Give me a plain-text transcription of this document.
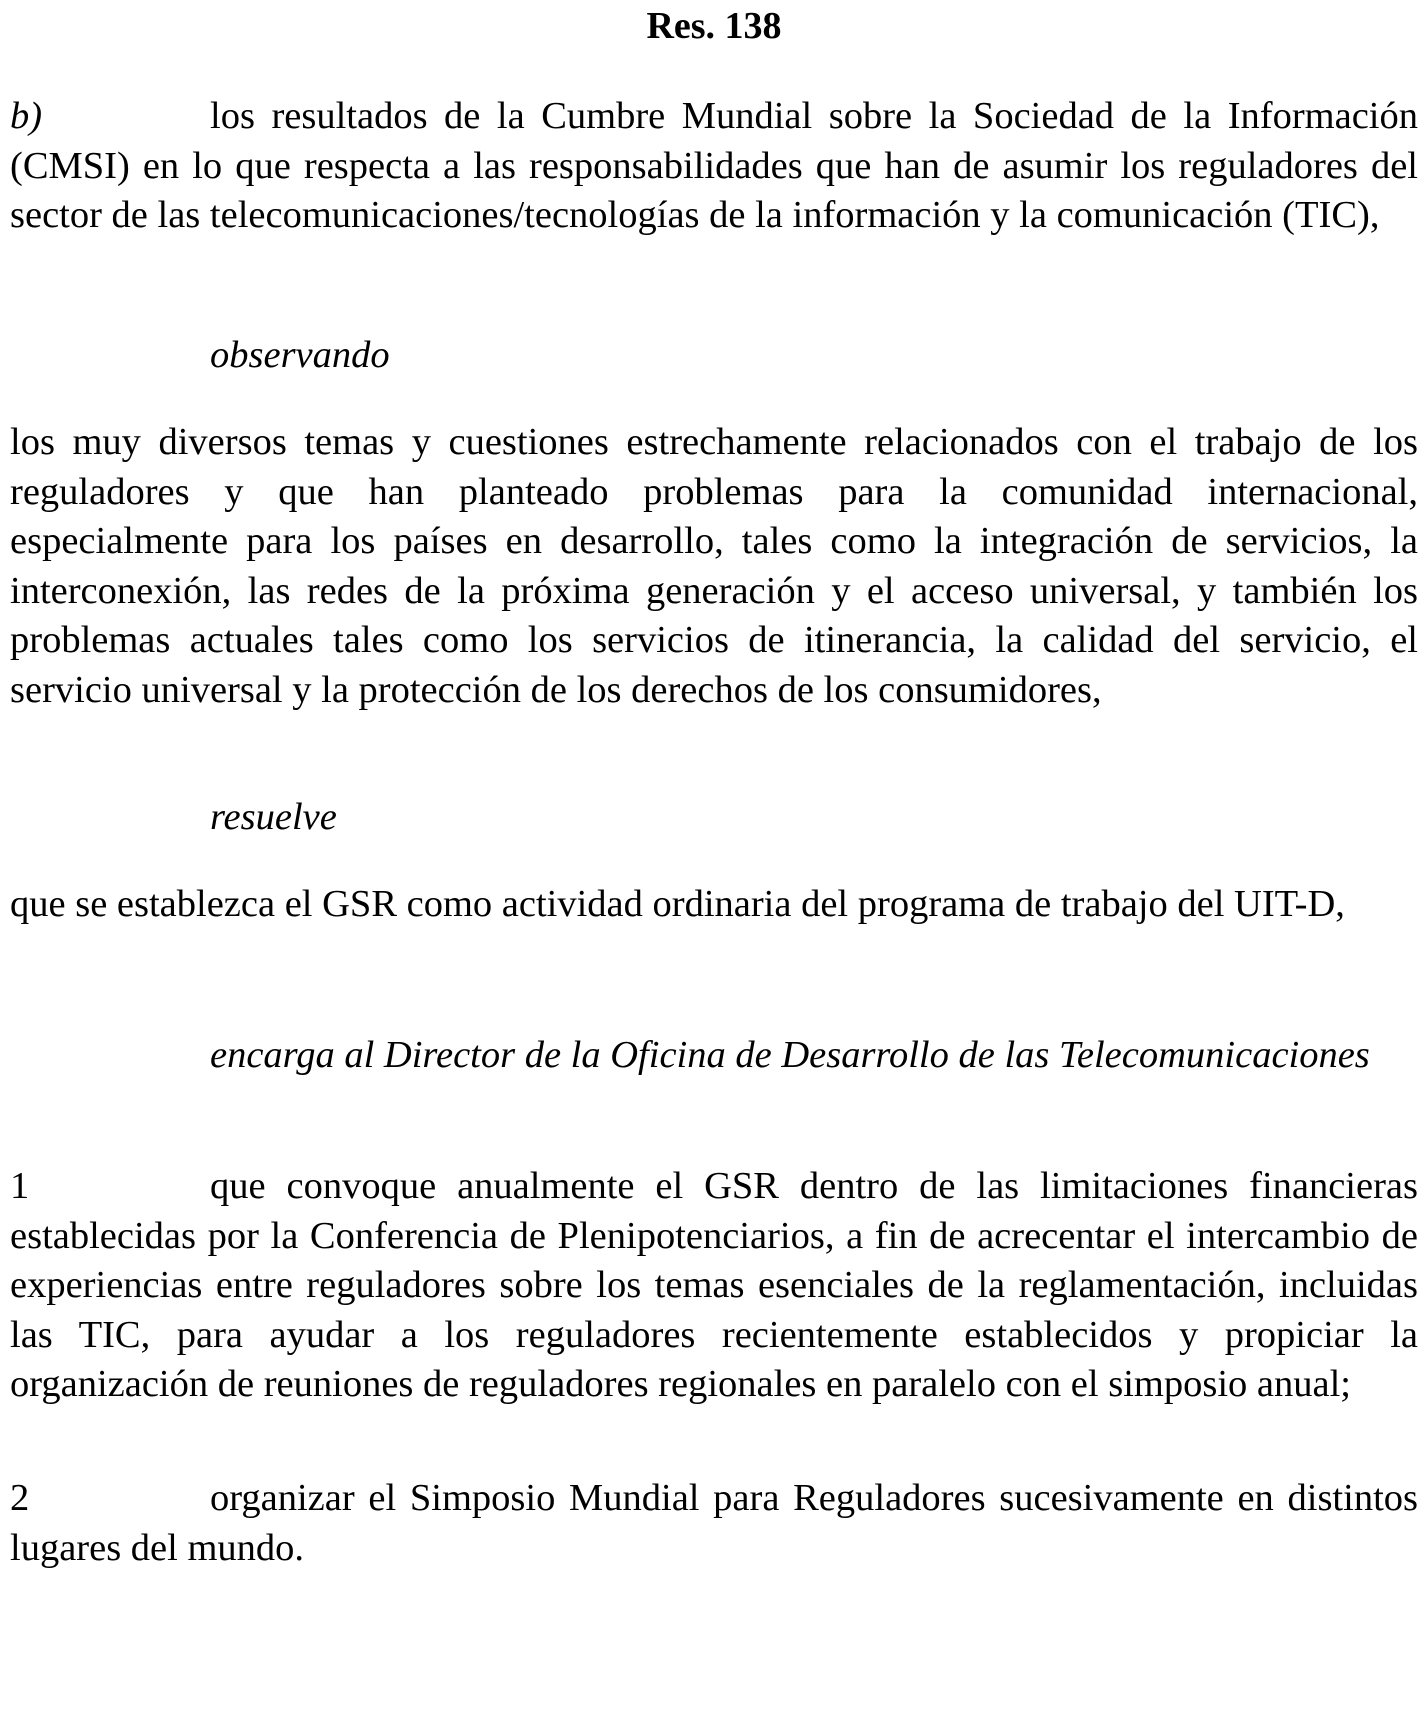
Res. 138

b)	los resultados de la Cumbre Mundial sobre la Sociedad de la Información (CMSI) en lo que respecta a las responsabilidades que han de asumir los reguladores del sector de las telecomunicaciones/tecnologías de la información y la comunicación (TIC),

observando

los muy diversos temas y cuestiones estrechamente relacionados con el trabajo de los reguladores y que han planteado problemas para la comunidad internacional, especialmente para los países en desarrollo, tales como la integración de servicios, la interconexión, las redes de la próxima generación y el acceso universal, y también los problemas actuales tales como los servicios de itinerancia, la calidad del servicio, el servicio universal y la protección de los derechos de los consumidores,

resuelve

que se establezca el GSR como actividad ordinaria del programa de trabajo del UIT-D,

encarga al Director de la Oficina de Desarrollo de las Telecomunicaciones

1	que convoque anualmente el GSR dentro de las limitaciones financieras establecidas por la Conferencia de Plenipotenciarios, a fin de acrecentar el intercambio de experiencias entre reguladores sobre los temas esenciales de la reglamentación, incluidas las TIC, para ayudar a los reguladores recientemente establecidos y propiciar la organización de reuniones de reguladores regionales en paralelo con el simposio anual;

2	organizar el Simposio Mundial para Reguladores sucesivamente en distintos lugares del mundo.
